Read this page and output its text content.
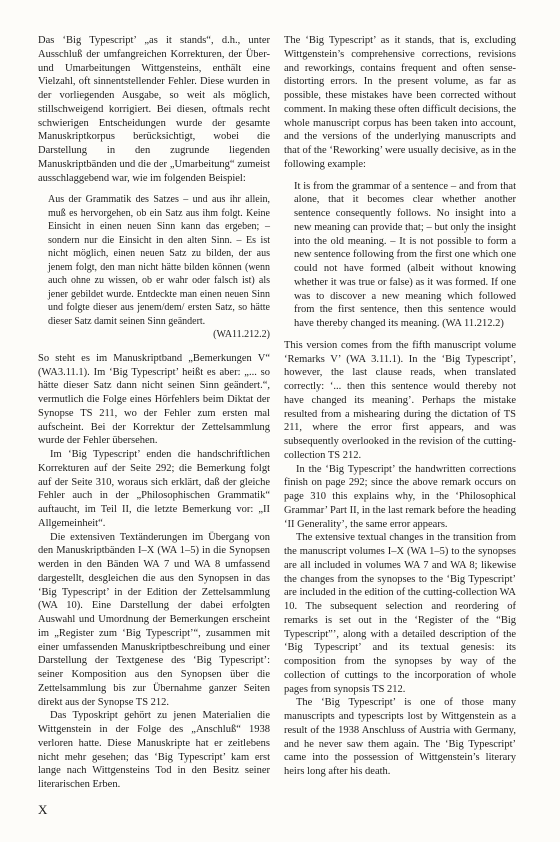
Das ‘Big Typescript’ „as it stands“, d.h., unter Ausschluß der umfangreichen Korrekturen, der Über- und Umarbeitungen Wittgensteins, enthält eine Vielzahl, oft sinnentstellender Fehler. Diese wurden in der vorliegenden Ausgabe, so weit als möglich, stillschweigend korrigiert. Bei diesen, oftmals recht schwierigen Entscheidungen wurde der gesamte Manuskriptkorpus berücksichtigt, wobei die Darstellung in den zugrunde liegenden Manuskriptbänden und die der „Umarbeitung“ zumeist ausschlaggebend war, wie im folgenden Beispiel:

Aus der Grammatik des Satzes – und aus ihr allein, muß es hervorgehen, ob ein Satz aus ihm folgt. Keine Einsicht in einen neuen Sinn kann das ergeben; – sondern nur die Einsicht in den alten Sinn. – Es ist nicht möglich, einen neuen Satz zu bilden, der aus jenem folgt, den man nicht hätte bilden können (wenn auch ohne zu wissen, ob er wahr oder falsch ist) als jener gebildet wurde. Entdeckte man einen neuen Sinn und folgte dieser aus jenem/dem/ ersten Satz, so hätte dieser Satz damit seinen Sinn geändert.
(WA11.212.2)

So steht es im Manuskriptband „Bemerkungen V“ (WA3.11.1). Im ‘Big Typescript’ heißt es aber: „... so hätte dieser Satz dann nicht seinen Sinn geändert.“, vermutlich die Folge eines Hörfehlers beim Diktat der Synopse TS 211, wo der Fehler zum ersten mal aufscheint. Bei der Korrektur der Zettelsammlung wurde der Fehler übersehen.

Im ‘Big Typescript’ enden die handschriftlichen Korrekturen auf der Seite 292; die Bemerkung folgt auf der Seite 310, woraus sich erklärt, daß der gleiche Fehler auch in der „Philosophischen Grammatik“ auftaucht, im Teil II, die letzte Bemerkung vor: „II Allgemeinheit“.

Die extensiven Textänderungen im Übergang von den Manuskriptbänden I–X (WA 1–5) in die Synopsen werden in den Bänden WA 7 und WA 8 umfassend dargestellt, desgleichen die aus den Synopsen in das ‘Big Typescript’ in der Edition der Zettelsammlung (WA 10). Eine Darstellung der dabei erfolgten Auswahl und Umordnung der Bemerkungen erscheint im „Register zum ‘Big Typescript’“, zusammen mit einer umfassenden Manuskriptbeschreibung und einer Darstellung der Textgenese des ‘Big Typescript’: seiner Komposition aus den Synopsen über die Zettelsammlung bis zur Übernahme ganzer Seiten direkt aus der Synopse TS 212.

Das Typoskript gehört zu jenen Materialien die Wittgenstein in der Folge des „Anschluß“ 1938 verloren hatte. Diese Manuskripte hat er zeitlebens nicht mehr gesehen; das ‘Big Typescript’ kam erst lange nach Wittgensteins Tod in den Besitz seiner literarischen Erben.

The ‘Big Typescript’ as it stands, that is, excluding Wittgenstein’s comprehensive corrections, revisions and reworkings, contains frequent and often sense-distorting errors. In the present volume, as far as possible, these mistakes have been corrected without comment. In making these often difficult decisions, the whole manuscript corpus has been taken into account, and the versions of the underlying manuscripts and that of the ‘Reworking’ were usually decisive, as in the following example:

It is from the grammar of a sentence – and from that alone, that it becomes clear whether another sentence consequently follows. No insight into a new meaning can provide that; – but only the insight into the old meaning. – It is not possible to form a new sentence following from the first one which one could not have formed (albeit without knowing whether it was true or false) as it was formed. If one was to discover a new meaning which followed from the first sentence, then this sentence would have thereby changed its meaning. (WA 11.212.2)

This version comes from the fifth manuscript volume ‘Remarks V’ (WA 3.11.1). In the ‘Big Typescript’, however, the last clause reads, when translated correctly: ‘... then this sentence would thereby not have changed its meaning’. Perhaps the mistake resulted from a mishearing during the dictation of TS 211, where the error first appears, and was subsequently overlooked in the revision of the cutting-collection TS 212.

In the ‘Big Typescript’ the handwritten corrections finish on page 292; since the above remark occurs on page 310 this explains why, in the ‘Philosophical Grammar’ Part II, in the last remark before the heading ‘II Generality’, the same error appears.

The extensive textual changes in the transition from the manuscript volumes I–X (WA 1–5) to the synopses are all included in volumes WA 7 and WA 8; likewise the changes from the synopses to the ‘Big Typescript’ are included in the edition of the cutting-collection WA 10. The subsequent selection and reordering of remarks is set out in the ‘Register of the “Big Typescript”’, along with a detailed description of the ‘Big Typescript’ and its textual genesis: its composition from the synopses by way of the collection of cuttings to the incorporation of whole pages from synopsis TS 212.

The ‘Big Typescript’ is one of those many manuscripts and typescripts lost by Wittgenstein as a result of the 1938 Anschluss of Austria with Germany, and he never saw them again. The ‘Big Typescript’ came into the possession of Wittgenstein’s literary heirs long after his death.

X
